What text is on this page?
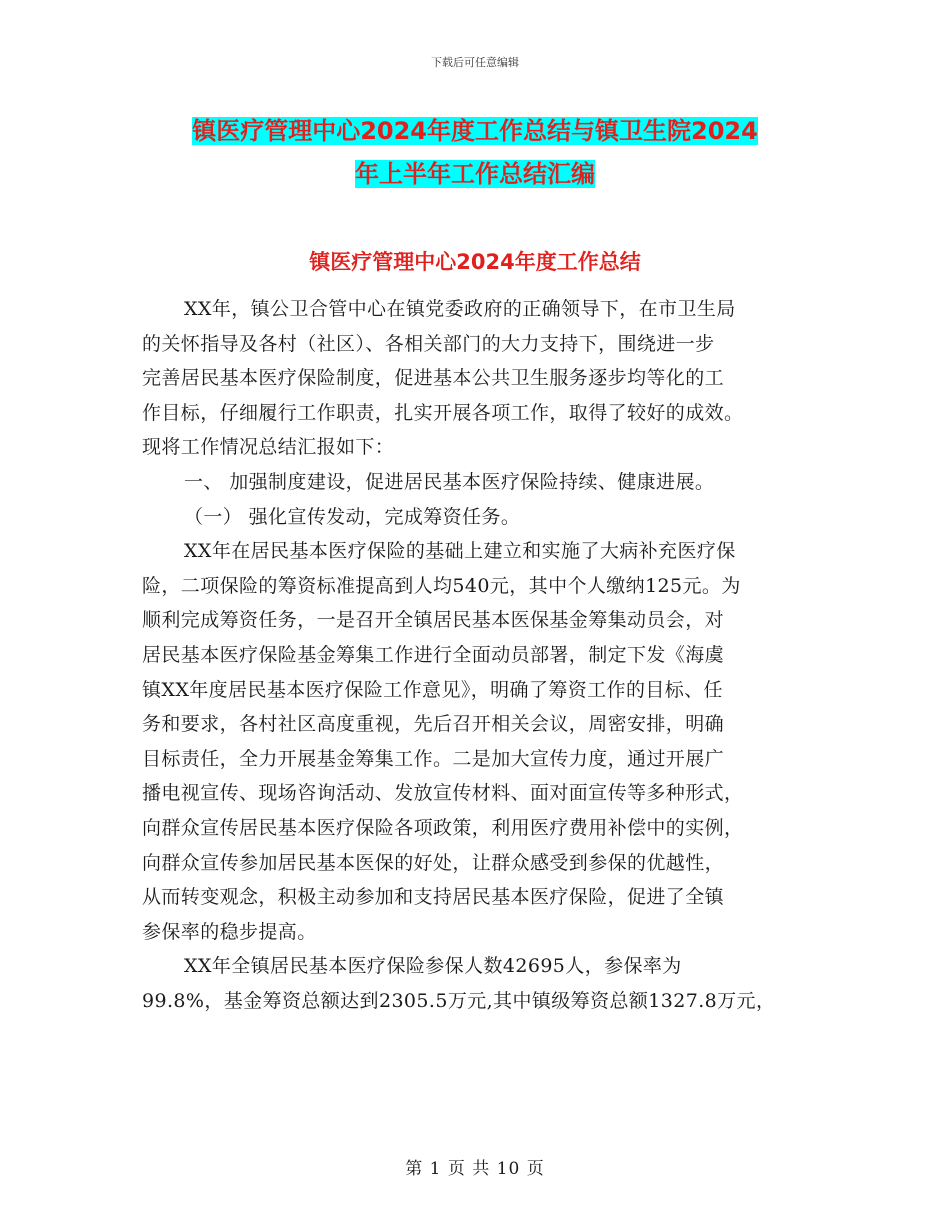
下载后可任意编辑
镇医疗管理中心2024年度工作总结与镇卫生院2024
年上半年工作总结汇编
镇医疗管理中心2024年度工作总结
XX年，镇公卫合管中心在镇党委政府的正确领导下，在市卫生局
的关怀指导及各村（社区）、各相关部门的大力支持下，围绕进一步
完善居民基本医疗保险制度，促进基本公共卫生服务逐步均等化的工
作目标，仔细履行工作职责，扎实开展各项工作，取得了较好的成效。
现将工作情况总结汇报如下：
一、 加强制度建设，促进居民基本医疗保险持续、健康进展。
（一） 强化宣传发动，完成筹资任务。
XX年在居民基本医疗保险的基础上建立和实施了大病补充医疗保
险，二项保险的筹资标准提高到人均540元，其中个人缴纳125元。为
顺利完成筹资任务，一是召开全镇居民基本医保基金筹集动员会，对
居民基本医疗保险基金筹集工作进行全面动员部署，制定下发《海虞
镇XX年度居民基本医疗保险工作意见》，明确了筹资工作的目标、任
务和要求，各村社区高度重视，先后召开相关会议，周密安排，明确
目标责任，全力开展基金筹集工作。二是加大宣传力度，通过开展广
播电视宣传、现场咨询活动、发放宣传材料、面对面宣传等多种形式，
向群众宣传居民基本医疗保险各项政策，利用医疗费用补偿中的实例，
向群众宣传参加居民基本医保的好处，让群众感受到参保的优越性，
从而转变观念，积极主动参加和支持居民基本医疗保险，促进了全镇
参保率的稳步提高。
XX年全镇居民基本医疗保险参保人数42695人，参保率为
99.8%，基金筹资总额达到2305.5万元,其中镇级筹资总额1327.8万元，
第 1 页 共 10 页
